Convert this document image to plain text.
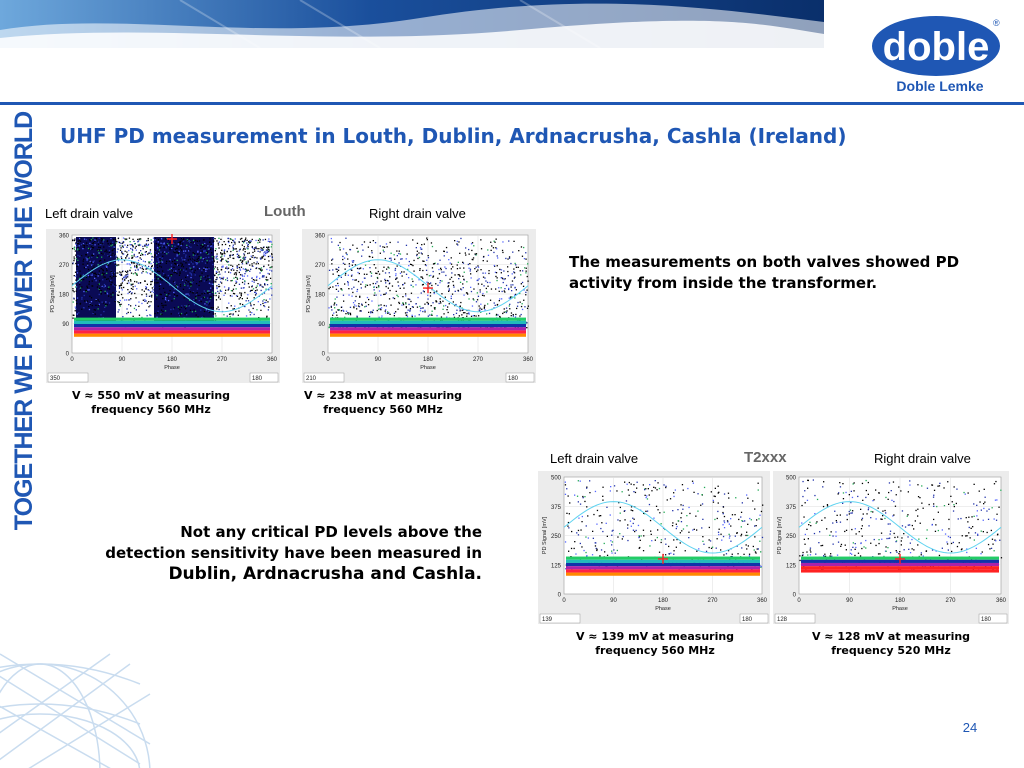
doble
®
Doble Lemke
TOGETHER WE POWER THE WORLD UHF PD measurement in Louth, Dublin, Ardnacrusha, Cashla (Ireland)
Left drain valve	Louth	Right drain valve
0
90
180
270
360
0	90	180	270	360
Phase
PD Signal [mV]
350	180
0
90
180
270
360
0	90	180	270	360
Phase
PD Signal [mV]
210	180
V ≈ 550 mV at measuring
frequency 560 MHz
V ≈ 238 mV at measuring
frequency 560 MHz
The measurements on both valves showed PD activity from inside the transformer.
Left drain valve	T2xxx	Right drain valve
0
125
250
375
500
0	90	180	270	360
Phase
PD Signal [mV]
139	180
0
125
250
375
500
0	90	180	270	360
Phase
PD Signal [mV]
128	180
V ≈ 139 mV at measuring
frequency 560 MHz
V ≈ 128 mV at measuring
frequency 520 MHz
Not any critical PD levels above the
detection sensitivity have been measured in
Dublin, Ardnacrusha and Cashla.
24
